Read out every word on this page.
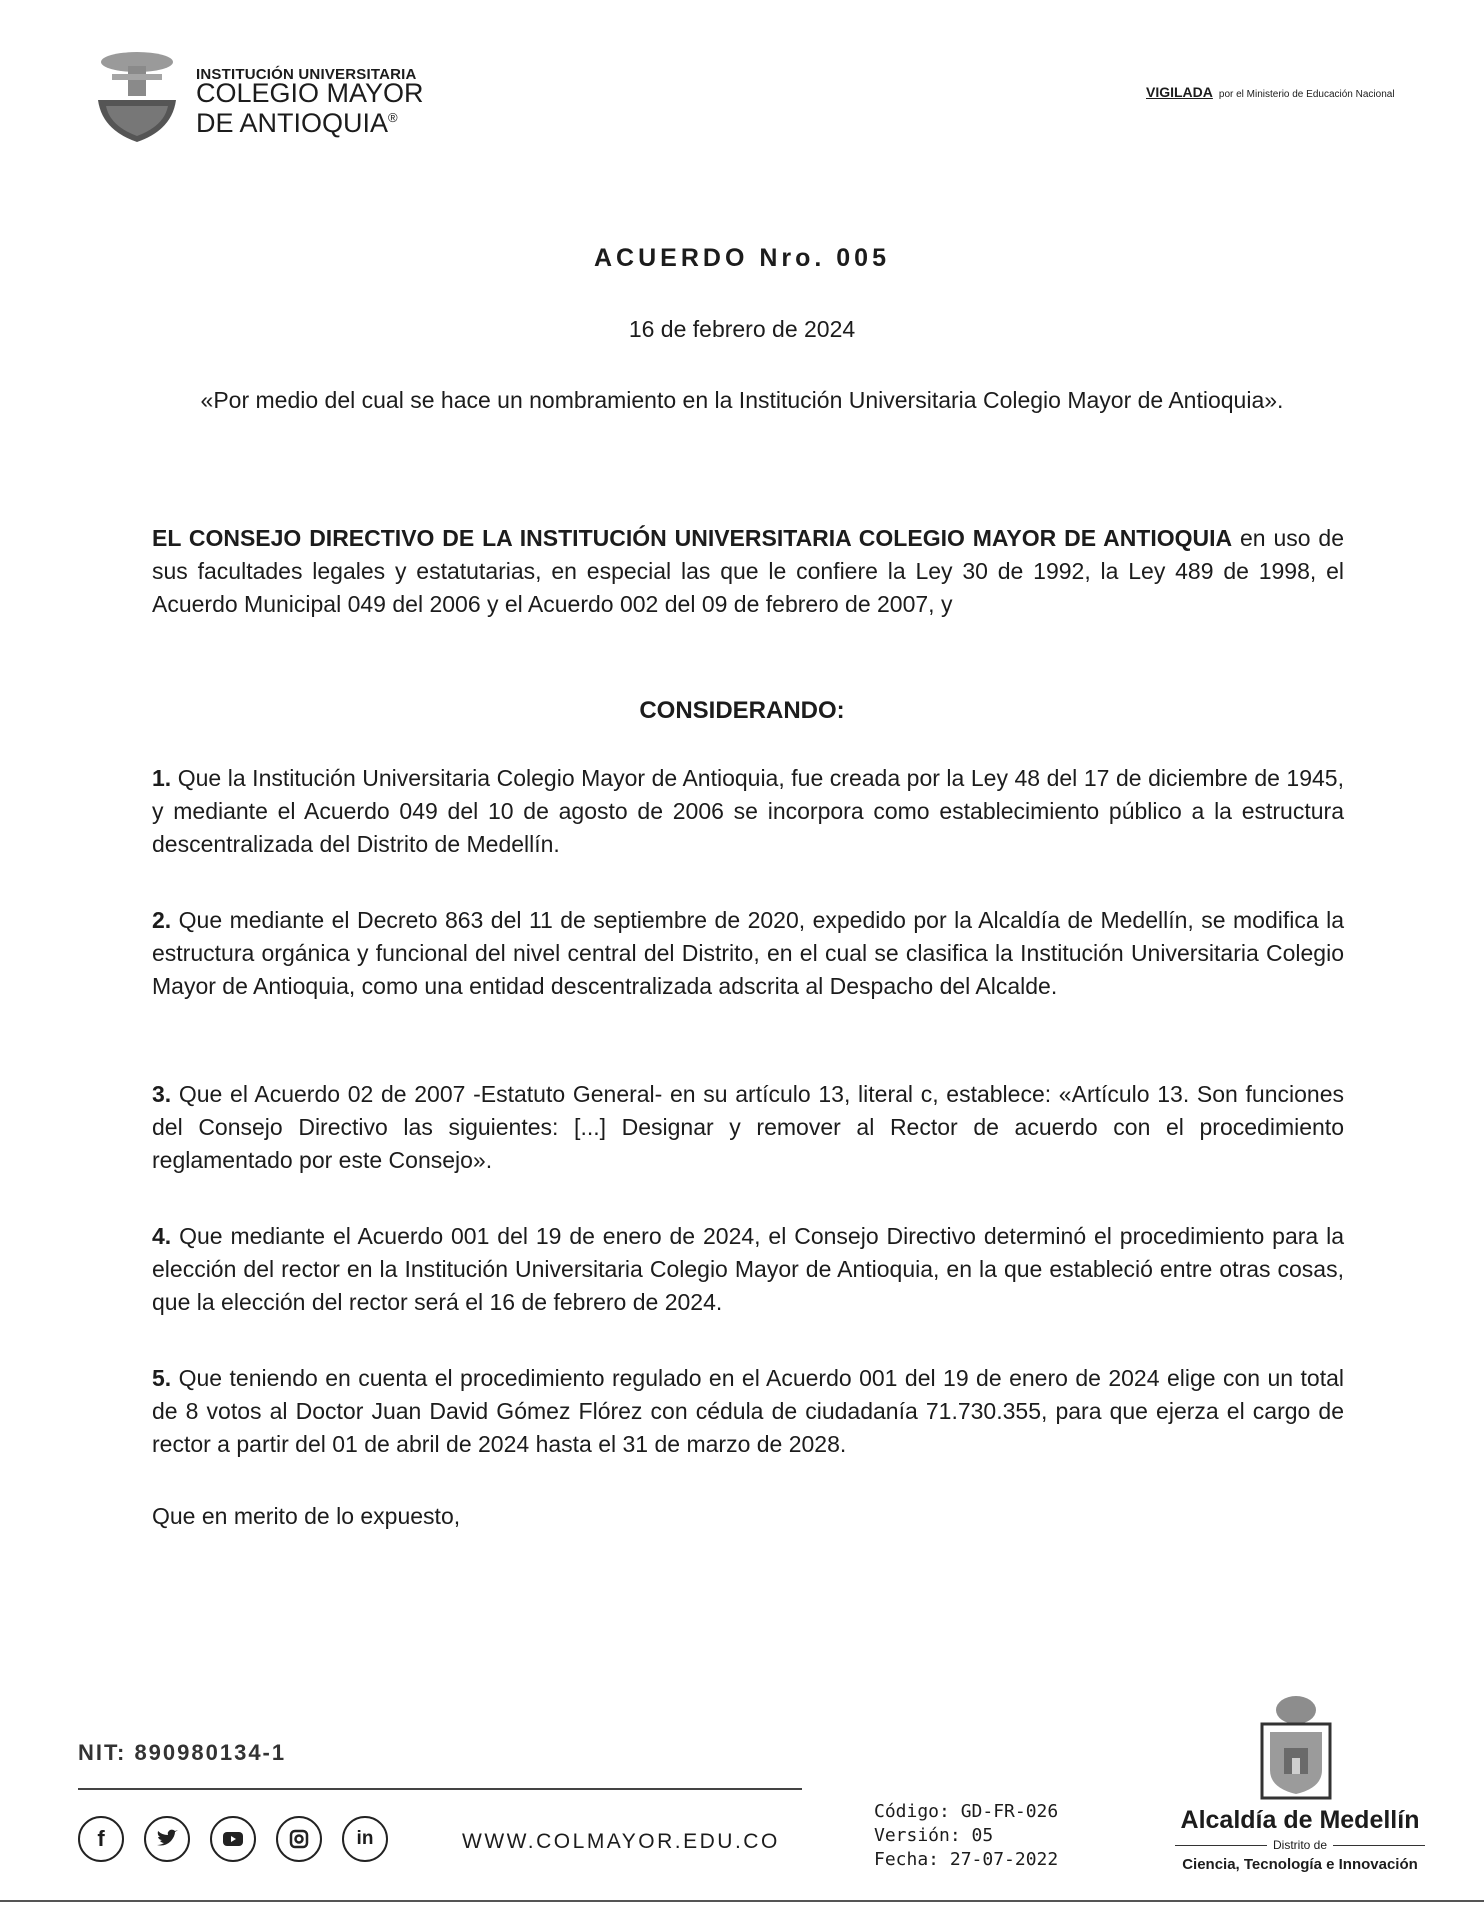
INSTITUCIÓN UNIVERSITARIA
COLEGIO MAYOR
DE ANTIOQUIA®
VIGILADA por el Ministerio de Educación Nacional
ACUERDO Nro. 005
16 de febrero de 2024
«Por medio del cual se hace un nombramiento en la Institución Universitaria Colegio Mayor de Antioquia».
EL CONSEJO DIRECTIVO DE LA INSTITUCIÓN UNIVERSITARIA COLEGIO MAYOR DE ANTIOQUIA en uso de sus facultades legales y estatutarias, en especial las que le confiere la Ley 30 de 1992, la Ley 489 de 1998, el Acuerdo Municipal 049 del 2006 y el Acuerdo 002 del 09 de febrero de 2007, y
CONSIDERANDO:
1. Que la Institución Universitaria Colegio Mayor de Antioquia, fue creada por la Ley 48 del 17 de diciembre de 1945, y mediante el Acuerdo 049 del 10 de agosto de 2006 se incorpora como establecimiento público a la estructura descentralizada del Distrito de Medellín.
2. Que mediante el Decreto 863 del 11 de septiembre de 2020, expedido por la Alcaldía de Medellín, se modifica la estructura orgánica y funcional del nivel central del Distrito, en el cual se clasifica la Institución Universitaria Colegio Mayor de Antioquia, como una entidad descentralizada adscrita al Despacho del Alcalde.
3. Que el Acuerdo 02 de 2007 -Estatuto General- en su artículo 13, literal c, establece: «Artículo 13. Son funciones del Consejo Directivo las siguientes: [...] Designar y remover al Rector de acuerdo con el procedimiento reglamentado por este Consejo».
4. Que mediante el Acuerdo 001 del 19 de enero de 2024, el Consejo Directivo determinó el procedimiento para la elección del rector en la Institución Universitaria Colegio Mayor de Antioquia, en la que estableció entre otras cosas, que la elección del rector será el 16 de febrero de 2024.
5. Que teniendo en cuenta el procedimiento regulado en el Acuerdo 001 del 19 de enero de 2024 elige con un total de 8 votos al Doctor Juan David Gómez Flórez con cédula de ciudadanía 71.730.355, para que ejerza el cargo de rector a partir del 01 de abril de 2024 hasta el 31 de marzo de 2028.
Que en merito de lo expuesto,
NIT: 890980134-1
f	in	WWW.COLMAYOR.EDU.CO
Código: GD-FR-026
Versión: 05
Fecha: 27-07-2022
Alcaldía de Medellín
Distrito de
Ciencia, Tecnología e Innovación
